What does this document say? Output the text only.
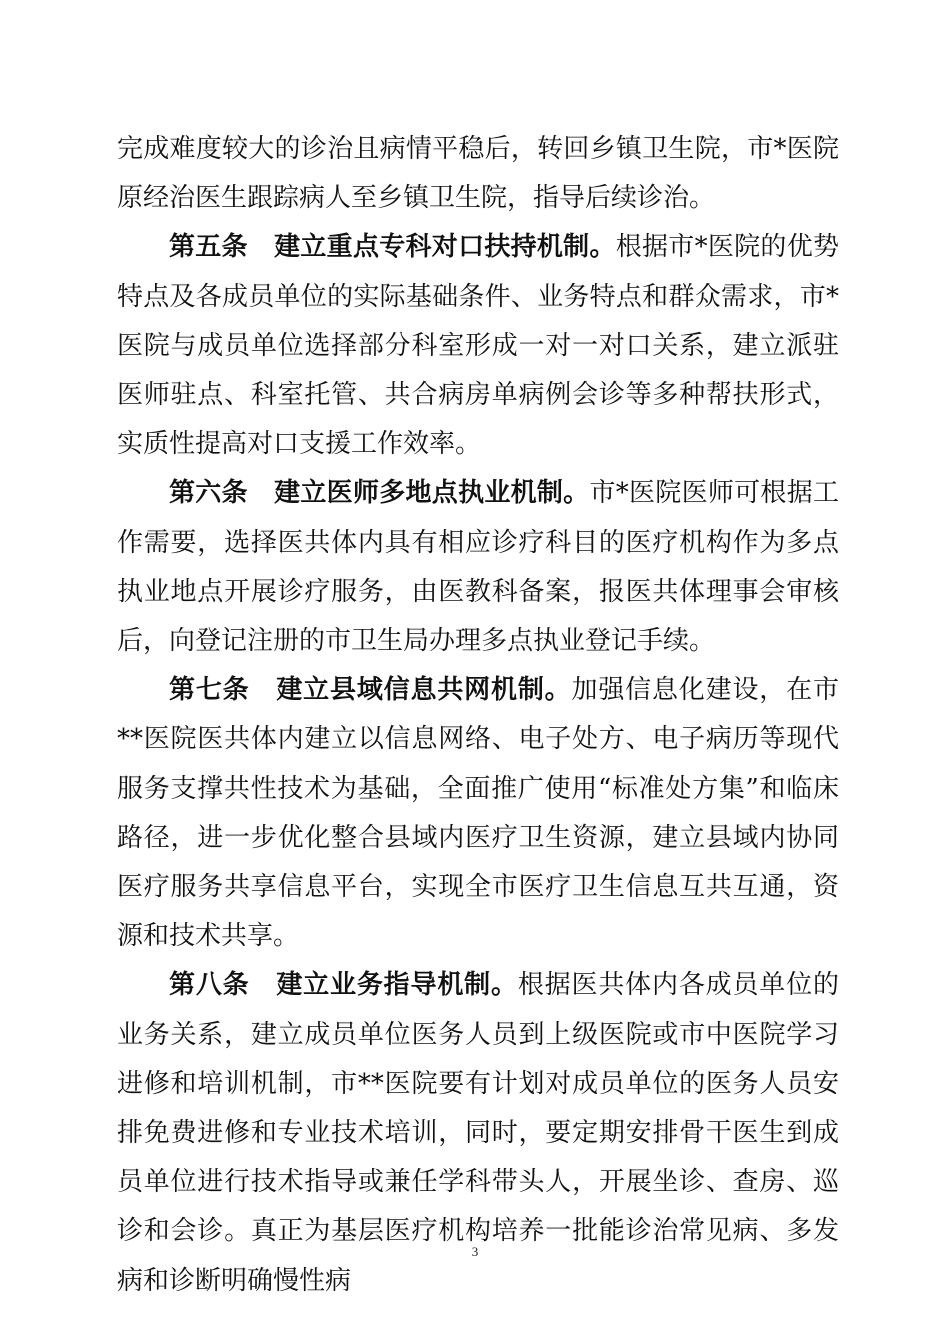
完成难度较大的诊治且病情平稳后，转回乡镇卫生院，市*医院原经治医生跟踪病人至乡镇卫生院，指导后续诊治。

第五条 建立重点专科对口扶持机制。根据市*医院的优势特点及各成员单位的实际基础条件、业务特点和群众需求，市*医院与成员单位选择部分科室形成一对一对口关系，建立派驻医师驻点、科室托管、共合病房单病例会诊等多种帮扶形式，实质性提高对口支援工作效率。

第六条 建立医师多地点执业机制。市*医院医师可根据工作需要，选择医共体内具有相应诊疗科目的医疗机构作为多点执业地点开展诊疗服务，由医教科备案，报医共体理事会审核后，向登记注册的市卫生局办理多点执业登记手续。

第七条 建立县域信息共网机制。加强信息化建设，在市**医院医共体内建立以信息网络、电子处方、电子病历等现代服务支撑共性技术为基础，全面推广使用“标准处方集”和临床路径，进一步优化整合县域内医疗卫生资源，建立县域内协同医疗服务共享信息平台，实现全市医疗卫生信息互共互通，资源和技术共享。

第八条 建立业务指导机制。根据医共体内各成员单位的业务关系，建立成员单位医务人员到上级医院或市中医院学习进修和培训机制，市**医院要有计划对成员单位的医务人员安排免费进修和专业技术培训，同时，要定期安排骨干医生到成员单位进行技术指导或兼任学科带头人，开展坐诊、查房、巡诊和会诊。真正为基层医疗机构培养一批能诊治常见病、多发病和诊断明确慢性病

3
